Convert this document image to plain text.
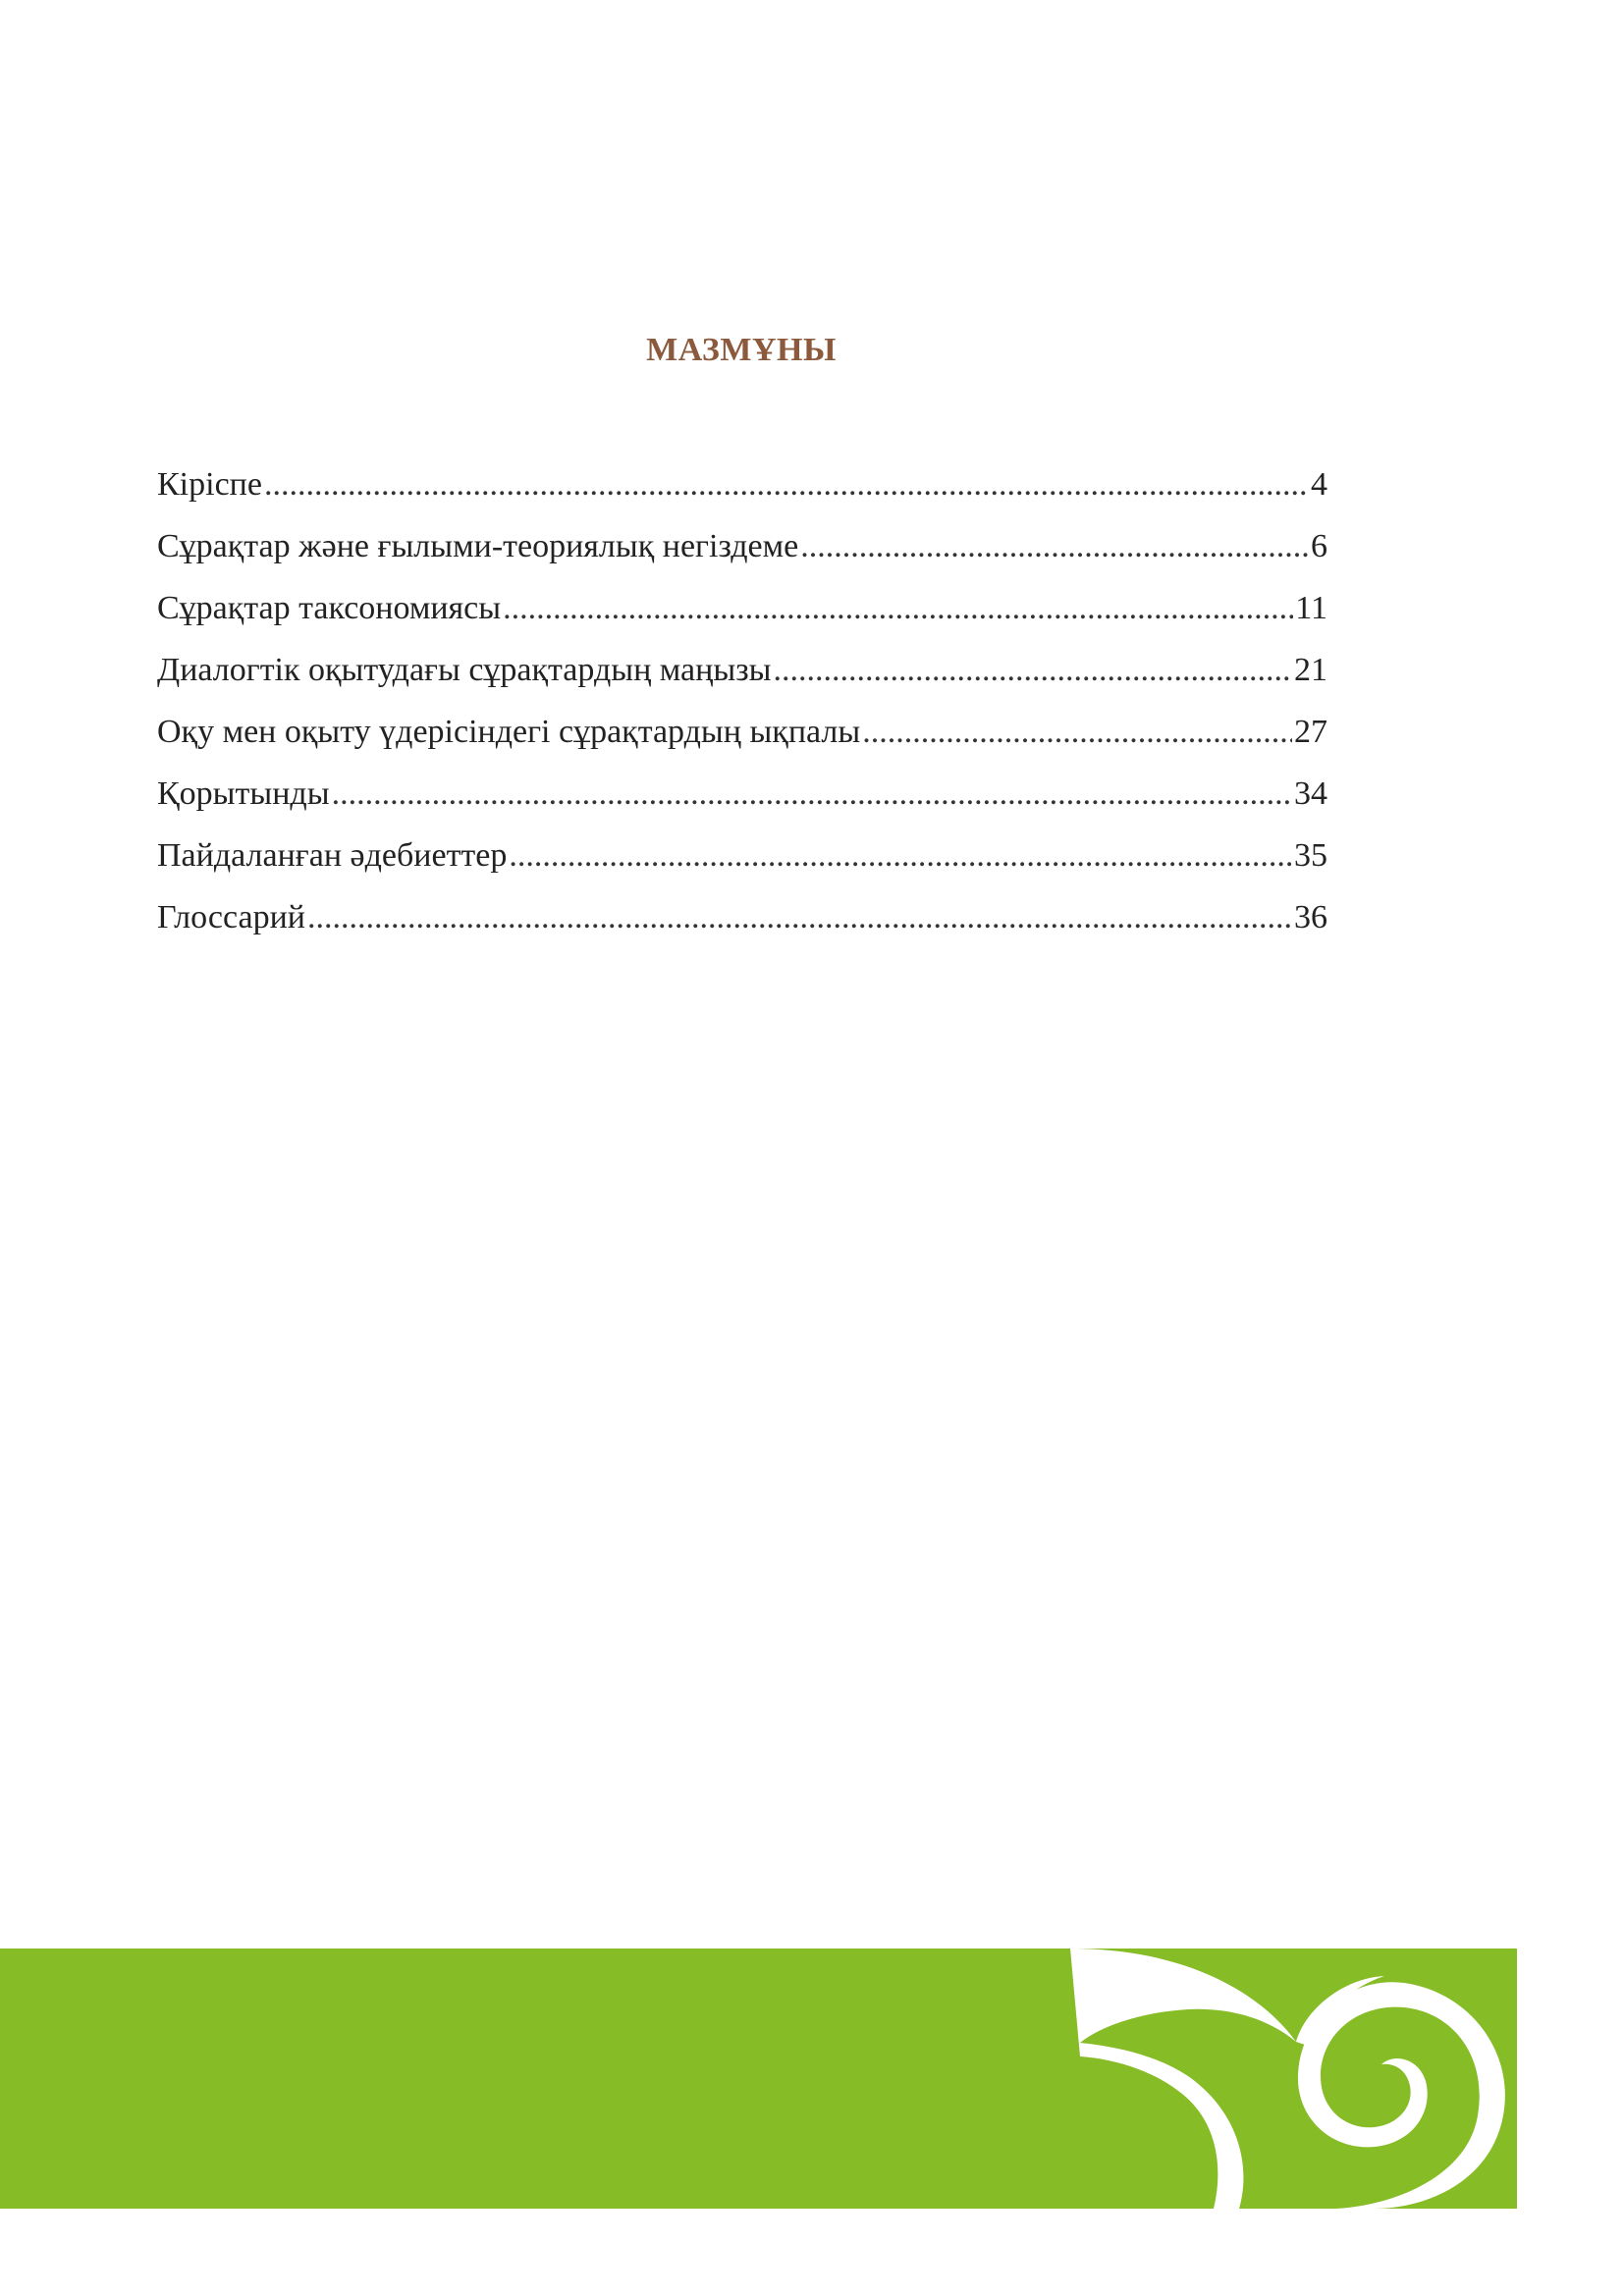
МАЗМҰНЫ
Кіріспе .....	4
Сұрақтар және ғылыми-теориялық негіздеме .....	6
Сұрақтар таксономиясы .....	11
Диалогтік оқытудағы сұрақтардың маңызы .....	21
Оқу мен оқыту үдерісіндегі сұрақтардың ықпалы .....	27
Қорытынды .....	34
Пайдаланған әдебиеттер .....	35
Глоссарий .....	36
